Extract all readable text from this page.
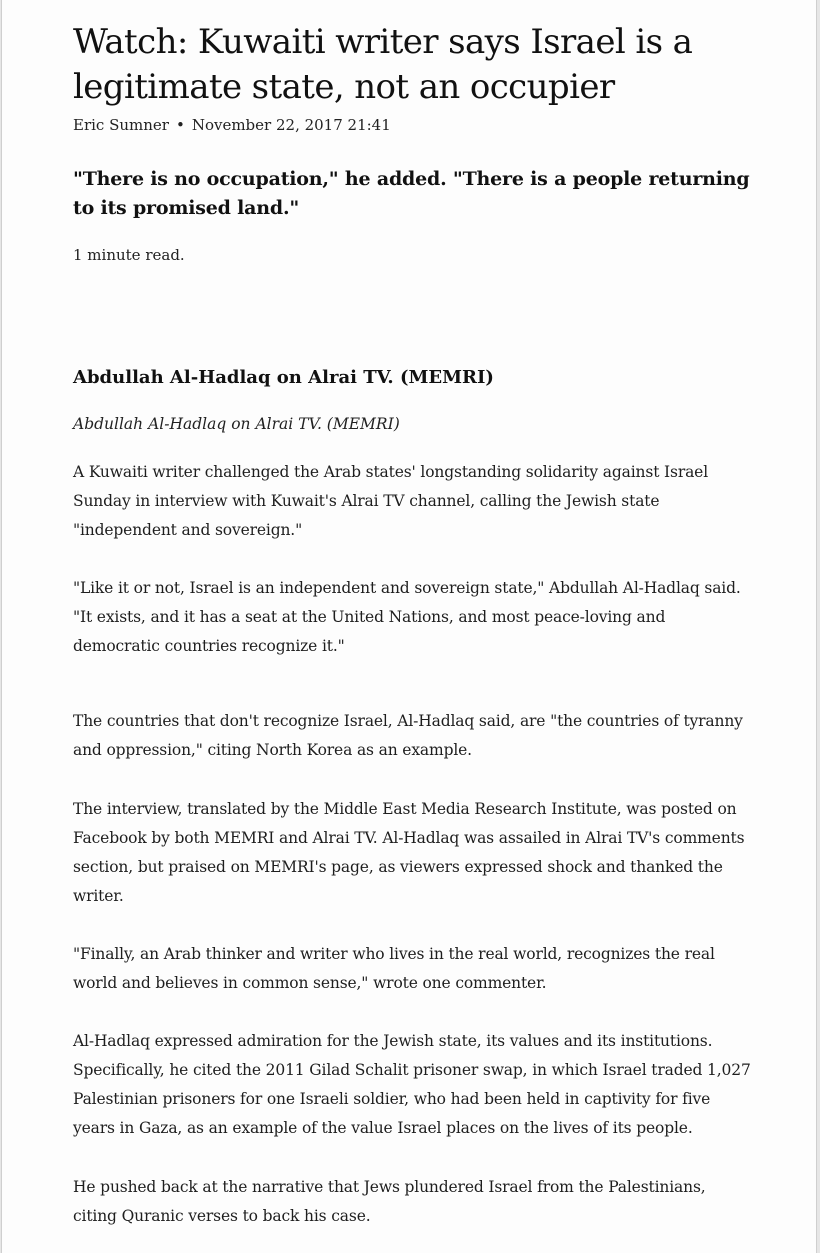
Watch: Kuwaiti writer says Israel is a legitimate state, not an occupier
Eric Sumner • November 22, 2017 21:41
"There is no occupation," he added. "There is a people returning to its promised land."
1 minute read.
Abdullah Al-Hadlaq on Alrai TV. (MEMRI)
Abdullah Al-Hadlaq on Alrai TV. (MEMRI)

A Kuwaiti writer challenged the Arab states' longstanding solidarity against Israel Sunday in interview with Kuwait's Alrai TV channel, calling the Jewish state "independent and sovereign."

"Like it or not, Israel is an independent and sovereign state," Abdullah Al-Hadlaq said. "It exists, and it has a seat at the United Nations, and most peace-loving and democratic countries recognize it."

The countries that don't recognize Israel, Al-Hadlaq said, are "the countries of tyranny and oppression," citing North Korea as an example.

The interview, translated by the Middle East Media Research Institute, was posted on Facebook by both MEMRI and Alrai TV. Al-Hadlaq was assailed in Alrai TV's comments section, but praised on MEMRI's page, as viewers expressed shock and thanked the writer.

"Finally, an Arab thinker and writer who lives in the real world, recognizes the real world and believes in common sense," wrote one commenter.

Al-Hadlaq expressed admiration for the Jewish state, its values and its institutions. Specifically, he cited the 2011 Gilad Schalit prisoner swap, in which Israel traded 1,027 Palestinian prisoners for one Israeli soldier, who had been held in captivity for five years in Gaza, as an example of the value Israel places on the lives of its people.

He pushed back at the narrative that Jews plundered Israel from the Palestinians, citing Quranic verses to back his case.
